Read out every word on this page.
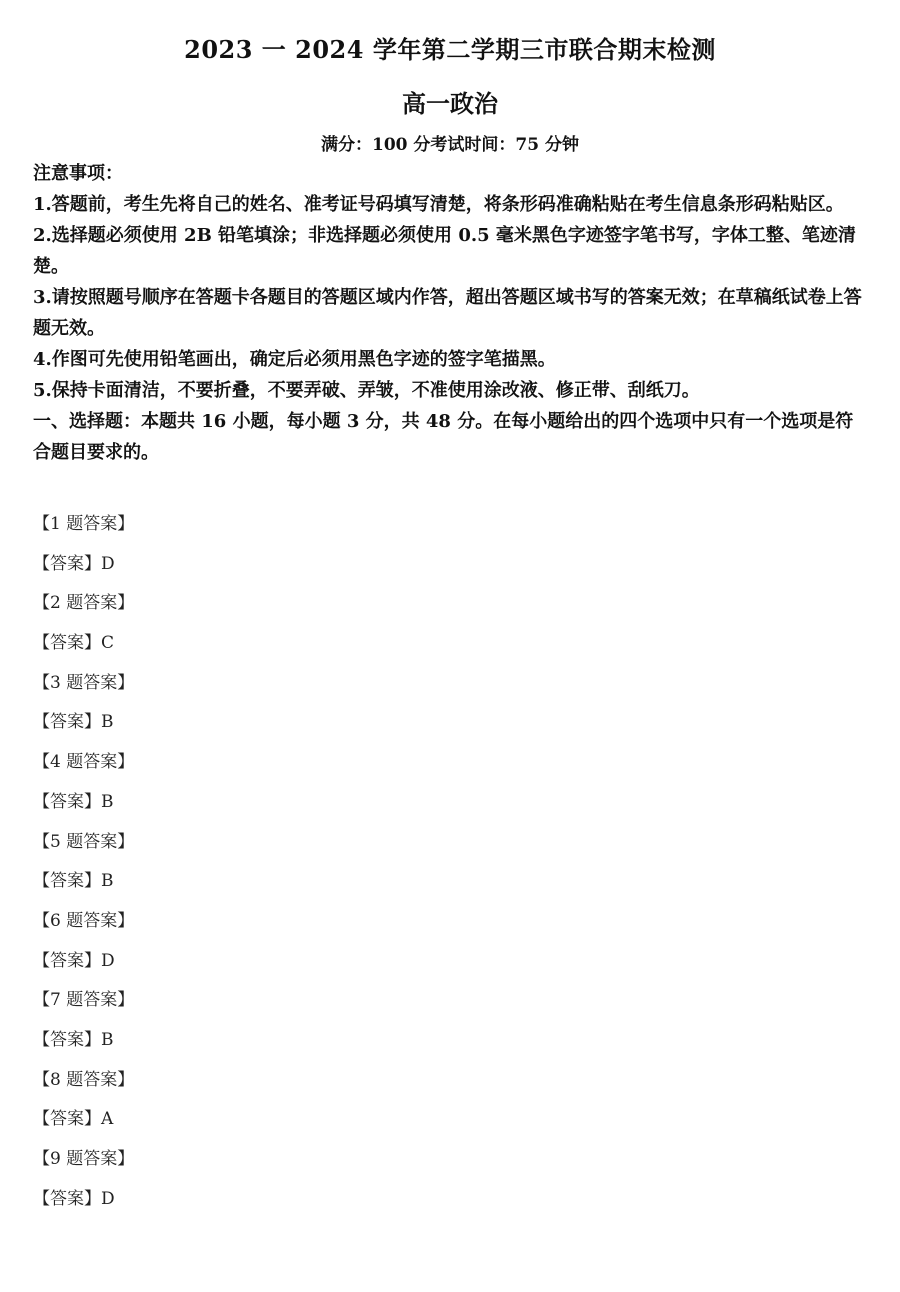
2023 一 2024 学年第二学期三市联合期末检测
高一政治
满分：100 分考试时间：75 分钟

注意事项：

1.答题前，考生先将自己的姓名、准考证号码填写清楚，将条形码准确粘贴在考生信息条形码粘贴区。

2.选择题必须使用 2B 铅笔填涂；非选择题必须使用 0.5 毫米黑色字迹签字笔书写，字体工整、笔迹清楚。

3.请按照题号顺序在答题卡各题目的答题区域内作答，超出答题区域书写的答案无效；在草稿纸试卷上答题无效。

4.作图可先使用铅笔画出，确定后必须用黑色字迹的签字笔描黑。

5.保持卡面清洁，不要折叠，不要弄破、弄皱，不准使用涂改液、修正带、刮纸刀。

一、选择题：本题共 16 小题，每小题 3 分，共 48 分。在每小题给出的四个选项中只有一个选项是符合题目要求的。

【1 题答案】
【答案】D
【2 题答案】
【答案】C
【3 题答案】
【答案】B
【4 题答案】
【答案】B
【5 题答案】
【答案】B
【6 题答案】
【答案】D
【7 题答案】
【答案】B
【8 题答案】
【答案】A
【9 题答案】
【答案】D
